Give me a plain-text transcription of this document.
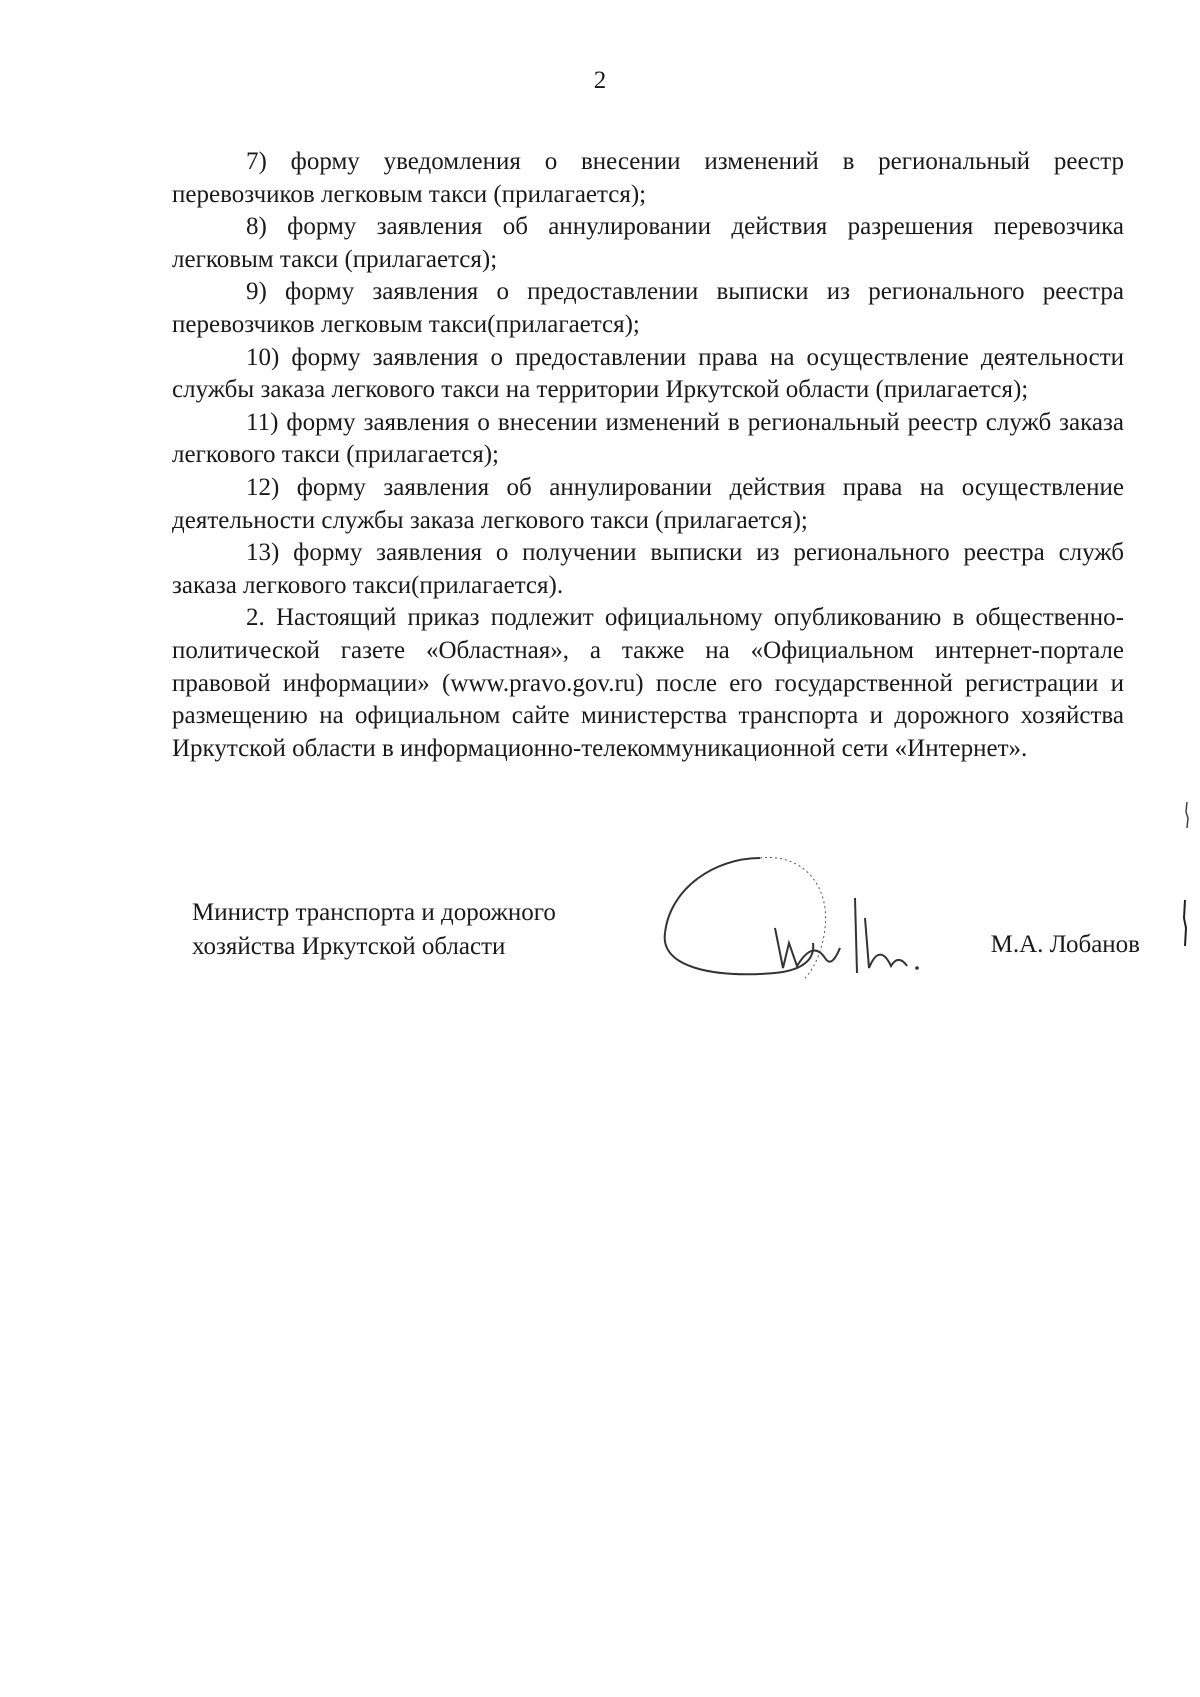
2

7) форму уведомления о внесении изменений в региональный реестр перевозчиков легковым такси (прилагается);

8) форму заявления об аннулировании действия разрешения перевозчика легковым такси (прилагается);

9) форму заявления о предоставлении выписки из регионального реестра перевозчиков легковым такси(прилагается);

10) форму заявления о предоставлении права на осуществление деятельности службы заказа легкового такси на территории Иркутской области (прилагается);

11) форму заявления о внесении изменений в региональный реестр служб заказа легкового такси (прилагается);

12) форму заявления об аннулировании действия права на осуществление деятельности службы заказа легкового такси (прилагается);

13) форму заявления о получении выписки из регионального реестра служб заказа легкового такси(прилагается).

2. Настоящий приказ подлежит официальному опубликованию в общественно-политической газете «Областная», а также на «Официальном интернет-портале правовой информации» (www.pravo.gov.ru) после его государственной регистрации и размещению на официальном сайте министерства транспорта и дорожного хозяйства Иркутской области в информационно-телекоммуникационной сети «Интернет».

Министр транспорта и дорожного
хозяйства Иркутской области	М.А. Лобанов
